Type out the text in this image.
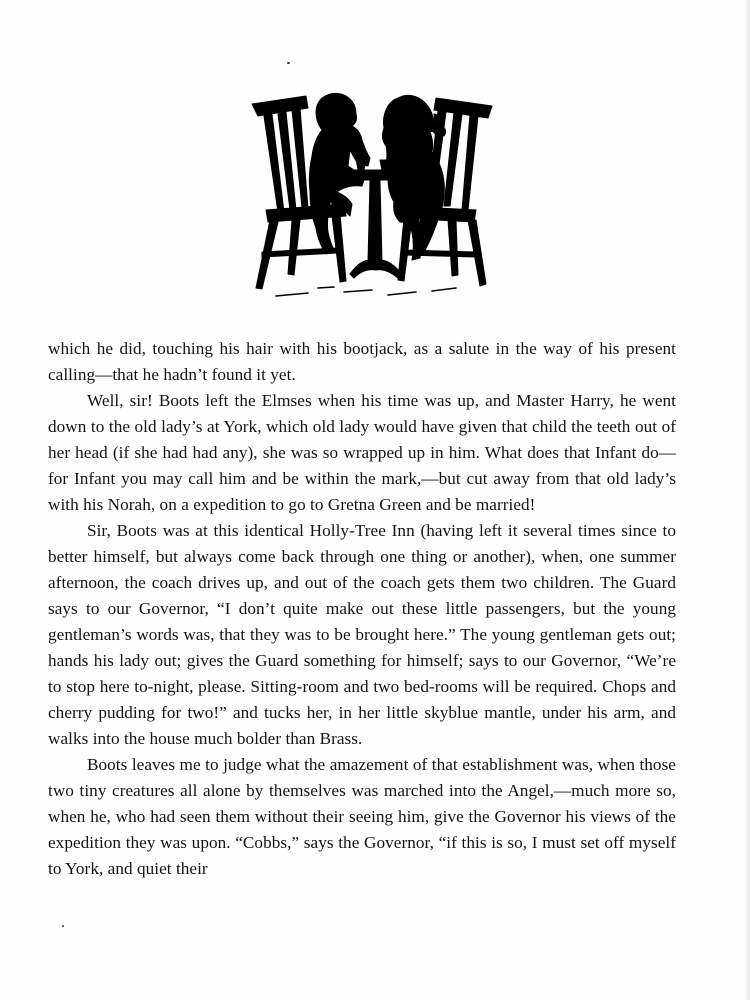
which he did, touching his hair with his bootjack, as a salute in the way of his present calling—that he hadn’t found it yet.

Well, sir! Boots left the Elmses when his time was up, and Master Harry, he went down to the old lady’s at York, which old lady would have given that child the teeth out of her head (if she had had any), she was so wrapped up in him. What does that Infant do—for Infant you may call him and be within the mark,—but cut away from that old lady’s with his Norah, on a expedition to go to Gretna Green and be married!

Sir, Boots was at this identical Holly-Tree Inn (having left it several times since to better himself, but always come back through one thing or another), when, one summer afternoon, the coach drives up, and out of the coach gets them two children. The Guard says to our Governor, “I don’t quite make out these little passengers, but the young gentleman’s words was, that they was to be brought here.” The young gentleman gets out; hands his lady out; gives the Guard something for himself; says to our Governor, “We’re to stop here to-night, please. Sitting-room and two bed-rooms will be required. Chops and cherry pudding for two!” and tucks her, in her little skyblue mantle, under his arm, and walks into the house much bolder than Brass.

Boots leaves me to judge what the amazement of that establishment was, when those two tiny creatures all alone by themselves was marched into the Angel,—much more so, when he, who had seen them without their seeing him, give the Governor his views of the expedition they was upon. “Cobbs,” says the Governor, “if this is so, I must set off myself to York, and quiet their
